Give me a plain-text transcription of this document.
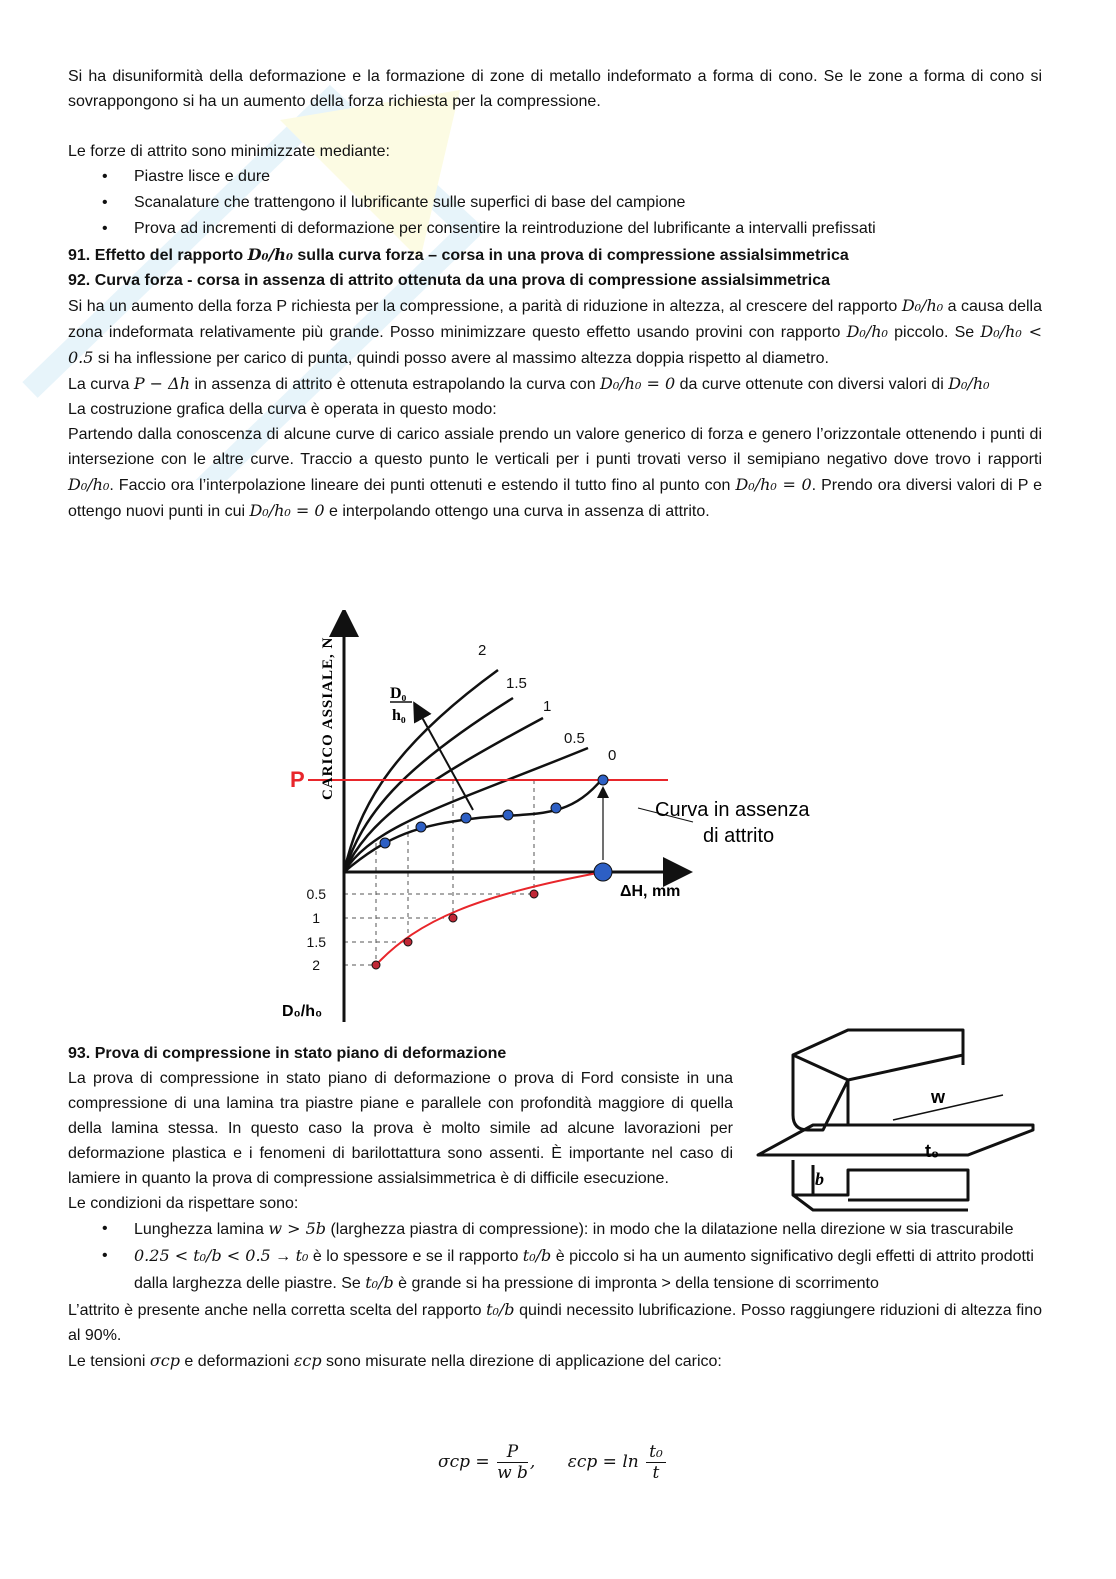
Si ha disuniformità della deformazione e la formazione di zone di metallo indeformato a forma di cono. Se le zone a forma di cono si sovrappongono si ha un aumento della forza richiesta per la compressione.

Le forze di attrito sono minimizzate mediante:

• Piastre lisce e dure
• Scanalature che trattengono il lubrificante sulle superfici di base del campione
• Prova ad incrementi di deformazione per consentire la reintroduzione del lubrificante a intervalli prefissati
91. Effetto del rapporto D₀/h₀ sulla curva forza – corsa in una prova di compressione assialsimmetrica
92. Curva forza - corsa in assenza di attrito ottenuta da una prova di compressione assialsimmetrica

Si ha un aumento della forza P richiesta per la compressione, a parità di riduzione in altezza, al crescere del rapporto D₀/h₀ a causa della zona indeformata relativamente più grande. Posso minimizzare questo effetto usando provini con rapporto D₀/h₀ piccolo. Se D₀/h₀ < 0.5 si ha inflessione per carico di punta, quindi posso avere al massimo altezza doppia rispetto al diametro.

La curva P − Δh in assenza di attrito è ottenuta estrapolando la curva con D₀/h₀ = 0 da curve ottenute con diversi valori di D₀/h₀

La costruzione grafica della curva è operata in questo modo:

Partendo dalla conoscenza di alcune curve di carico assiale prendo un valore generico di forza e genero l’orizzontale ottenendo i punti di intersezione con le altre curve. Traccio a questo punto le verticali per i punti trovati verso il semipiano negativo dove trovo i rapporti D₀/h₀. Faccio ora l’interpolazione lineare dei punti ottenuti e estendo il tutto fino al punto con D₀/h₀ = 0. Prendo ora diversi valori di P e ottengo nuovi punti in cui D₀/h₀ = 0 e interpolando ottengo una curva in assenza di attrito.

P
D₀
h₀
2
1.5
1
0.5
0
CARICO ASSIALE, N
ΔH, mm
0.5
1
1.5
2
D₀/h₀
Curva in assenza
di attrito
93. Prova di compressione in stato piano di deformazione

La prova di compressione in stato piano di deformazione o prova di Ford consiste in una compressione di una lamina tra piastre piane e parallele con profondità maggiore di quella della lamina stessa. In questo caso la prova è molto simile ad alcune lavorazioni per deformazione plastica e i fenomeni di barilottattura sono assenti. È importante nel caso di lamiere in quanto la prova di compressione assialsimmetrica è di difficile esecuzione.

Le condizioni da rispettare sono:

• Lunghezza lamina w > 5b (larghezza piastra di compressione): in modo che la dilatazione nella direzione w sia trascurabile
• 0.25 < t₀/b < 0.5 → t₀ è lo spessore e se il rapporto t₀/b è piccolo si ha un aumento significativo degli effetti di attrito prodotti dalla larghezza delle piastre. Se t₀/b è grande si ha pressione di impronta > della tensione di scorrimento

L’attrito è presente anche nella corretta scelta del rapporto t₀/b quindi necessito lubrificazione. Posso raggiungere riduzioni di altezza fino al 90%.

Le tensioni σcp e deformazioni εcp sono misurate nella direzione di applicazione del carico:

w
t₀
b
$\sigma cp = \frac{P}{\text{w b}}$ , $\varepsilon cp = \ln \frac{\text{t₀}}{t}$
